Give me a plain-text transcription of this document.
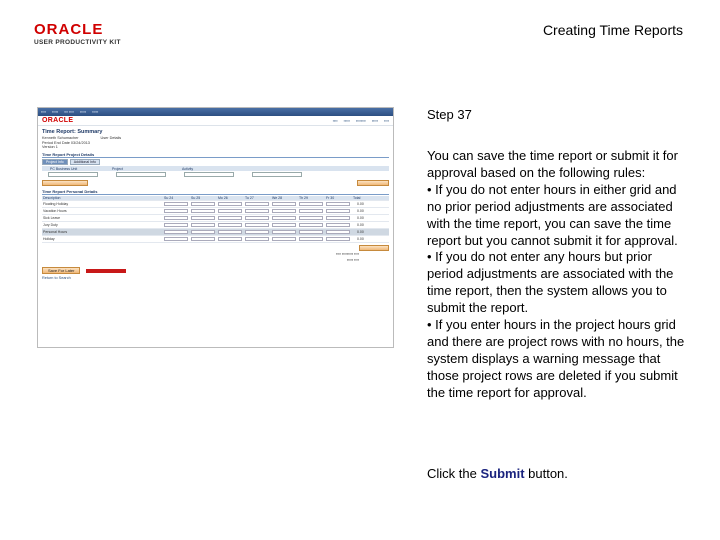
ORACLE
USER PRODUCTIVITY KIT
Creating Time Reports
▪▪▪▪ ▪▪▪▪▪ ▪▪▪ ▪▪▪▪ ▪▪▪▪▪ ▪▪▪▪▪
ORACLE	▪▪▪▪ ▪▪▪▪▪ ▪▪▪▪▪▪▪▪ ▪▪▪▪▪ ▪▪▪▪
Time Report: Summary
Kenneth Schumacher	User Details
Period End Date 03/24/2013
Version 1
Time Report Project Details
Project Info	Additional Info
PC Business Unit	Project	Activity
Time Report Personal Details
Description	Su 24	Su 25	Mo 26	Tu 27	We 28	Th 29	Fr 30	Total
Floating Holiday	0.00
Vacation Hours	0.00
Sick Leave	0.00
Jury Duty	0.00
Personal Hours	0.00
Holiday	0.00
▪▪▪▪ ▪▪▪▪▪▪▪▪▪ ▪▪▪▪
▪▪▪▪▪ ▪▪▪▪
Save For Later
Return to Search
Step 37
You can save the time report or submit it for approval based on the following rules:
• If you do not enter hours in either grid and no prior period adjustments are associated with the time report, you can save the time report but you cannot submit it for approval.
• If you do not enter any hours but prior period adjustments are associated with the time report, then the system allows you to submit the report.
• If you enter hours in the project hours grid and there are project rows with no hours, the system displays a warning message that those project rows are deleted if you submit the time report for approval.
Click the Submit button.
